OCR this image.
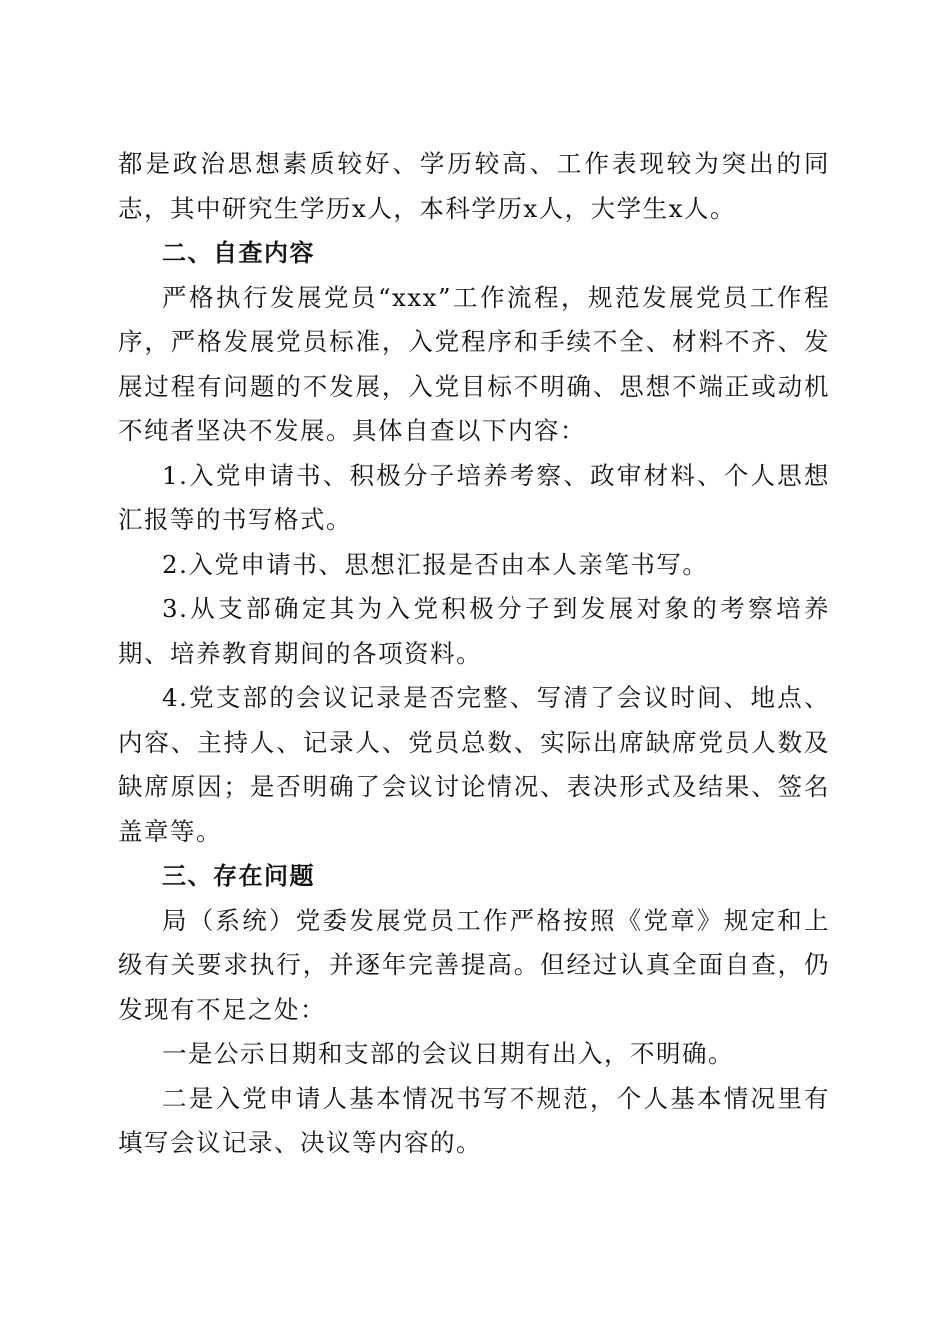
都是政治思想素质较好、学历较高、工作表现较为突出的同志，其中研究生学历x人，本科学历x人，大学生x人。

二、自查内容

严格执行发展党员“xxx”工作流程，规范发展党员工作程序，严格发展党员标准，入党程序和手续不全、材料不齐、发展过程有问题的不发展，入党目标不明确、思想不端正或动机不纯者坚决不发展。具体自查以下内容：

1.入党申请书、积极分子培养考察、政审材料、个人思想汇报等的书写格式。

2.入党申请书、思想汇报是否由本人亲笔书写。

3.从支部确定其为入党积极分子到发展对象的考察培养期、培养教育期间的各项资料。

4.党支部的会议记录是否完整、写清了会议时间、地点、内容、主持人、记录人、党员总数、实际出席缺席党员人数及缺席原因；是否明确了会议讨论情况、表决形式及结果、签名盖章等。

三、存在问题

局（系统）党委发展党员工作严格按照《党章》规定和上级有关要求执行，并逐年完善提高。但经过认真全面自查，仍发现有不足之处：

一是公示日期和支部的会议日期有出入，不明确。

二是入党申请人基本情况书写不规范，个人基本情况里有填写会议记录、决议等内容的。
